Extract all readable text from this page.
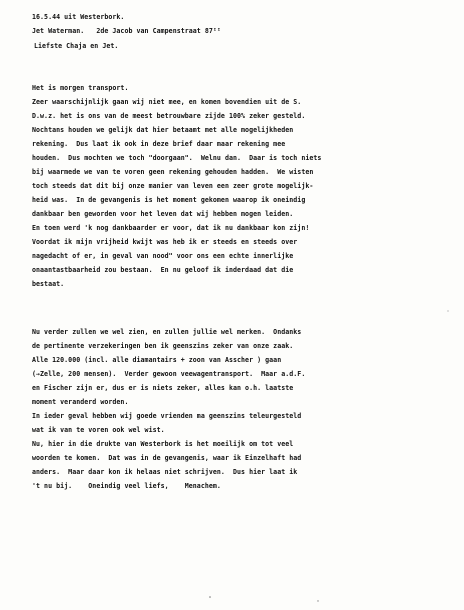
16.5.44 uit Westerbork.

Jet Waterman.   2de Jacob van Campenstraat 87ᴵᴵ

Liefste Chaja en Jet.

Het is morgen transport.

Zeer waarschijnlijk gaan wij niet mee, en komen bovendien uit de S.

D.w.z. het is ons van de meest betrouwbare zijde 100% zeker gesteld.

Nochtans houden we gelijk dat hier betaamt met alle mogelijkheden

rekening.  Dus laat ik ook in deze brief daar maar rekening mee

houden.  Dus mochten we toch "doorgaan".  Welnu dan.  Daar is toch niets

bij waarmede we van te voren geen rekening gehouden hadden.  We wisten

toch steeds dat dit bij onze manier van leven een zeer grote mogelijk-

heid was.  In de gevangenis is het moment gekomen waarop ik oneindig

dankbaar ben geworden voor het leven dat wij hebben mogen leiden.

En toen werd 'k nog dankbaarder er voor, dat ik nu dankbaar kon zijn!

Voordat ik mijn vrijheid kwijt was heb ik er steeds en steeds over

nagedacht of er, in geval van nood" voor ons een echte innerlijke

onaantastbaarheid zou bestaan.  En nu geloof ik inderdaad dat die

bestaat.

Nu verder zullen we wel zien, en zullen jullie wel merken.  Ondanks

de pertinente verzekeringen ben ik geenszins zeker van onze zaak.

Alle 120.000 (incl. alle diamantairs + zoon van Asscher ) gaan

(→Zelle, 200 mensen).  Verder gewoon veewagentransport.  Maar a.d.F.

en Fischer zijn er, dus er is niets zeker, alles kan o.h. laatste

moment veranderd worden.

In ieder geval hebben wij goede vrienden ma geenszins teleurgesteld

wat ik van te voren ook wel wist.

Nu, hier in die drukte van Westerbork is het moeilijk om tot veel

woorden te komen.  Dat was in de gevangenis, waar ik Einzelhaft had

anders.  Maar daar kon ik helaas niet schrijven.  Dus hier laat ik

't nu bij.    Oneindig veel liefs,    Menachem.
